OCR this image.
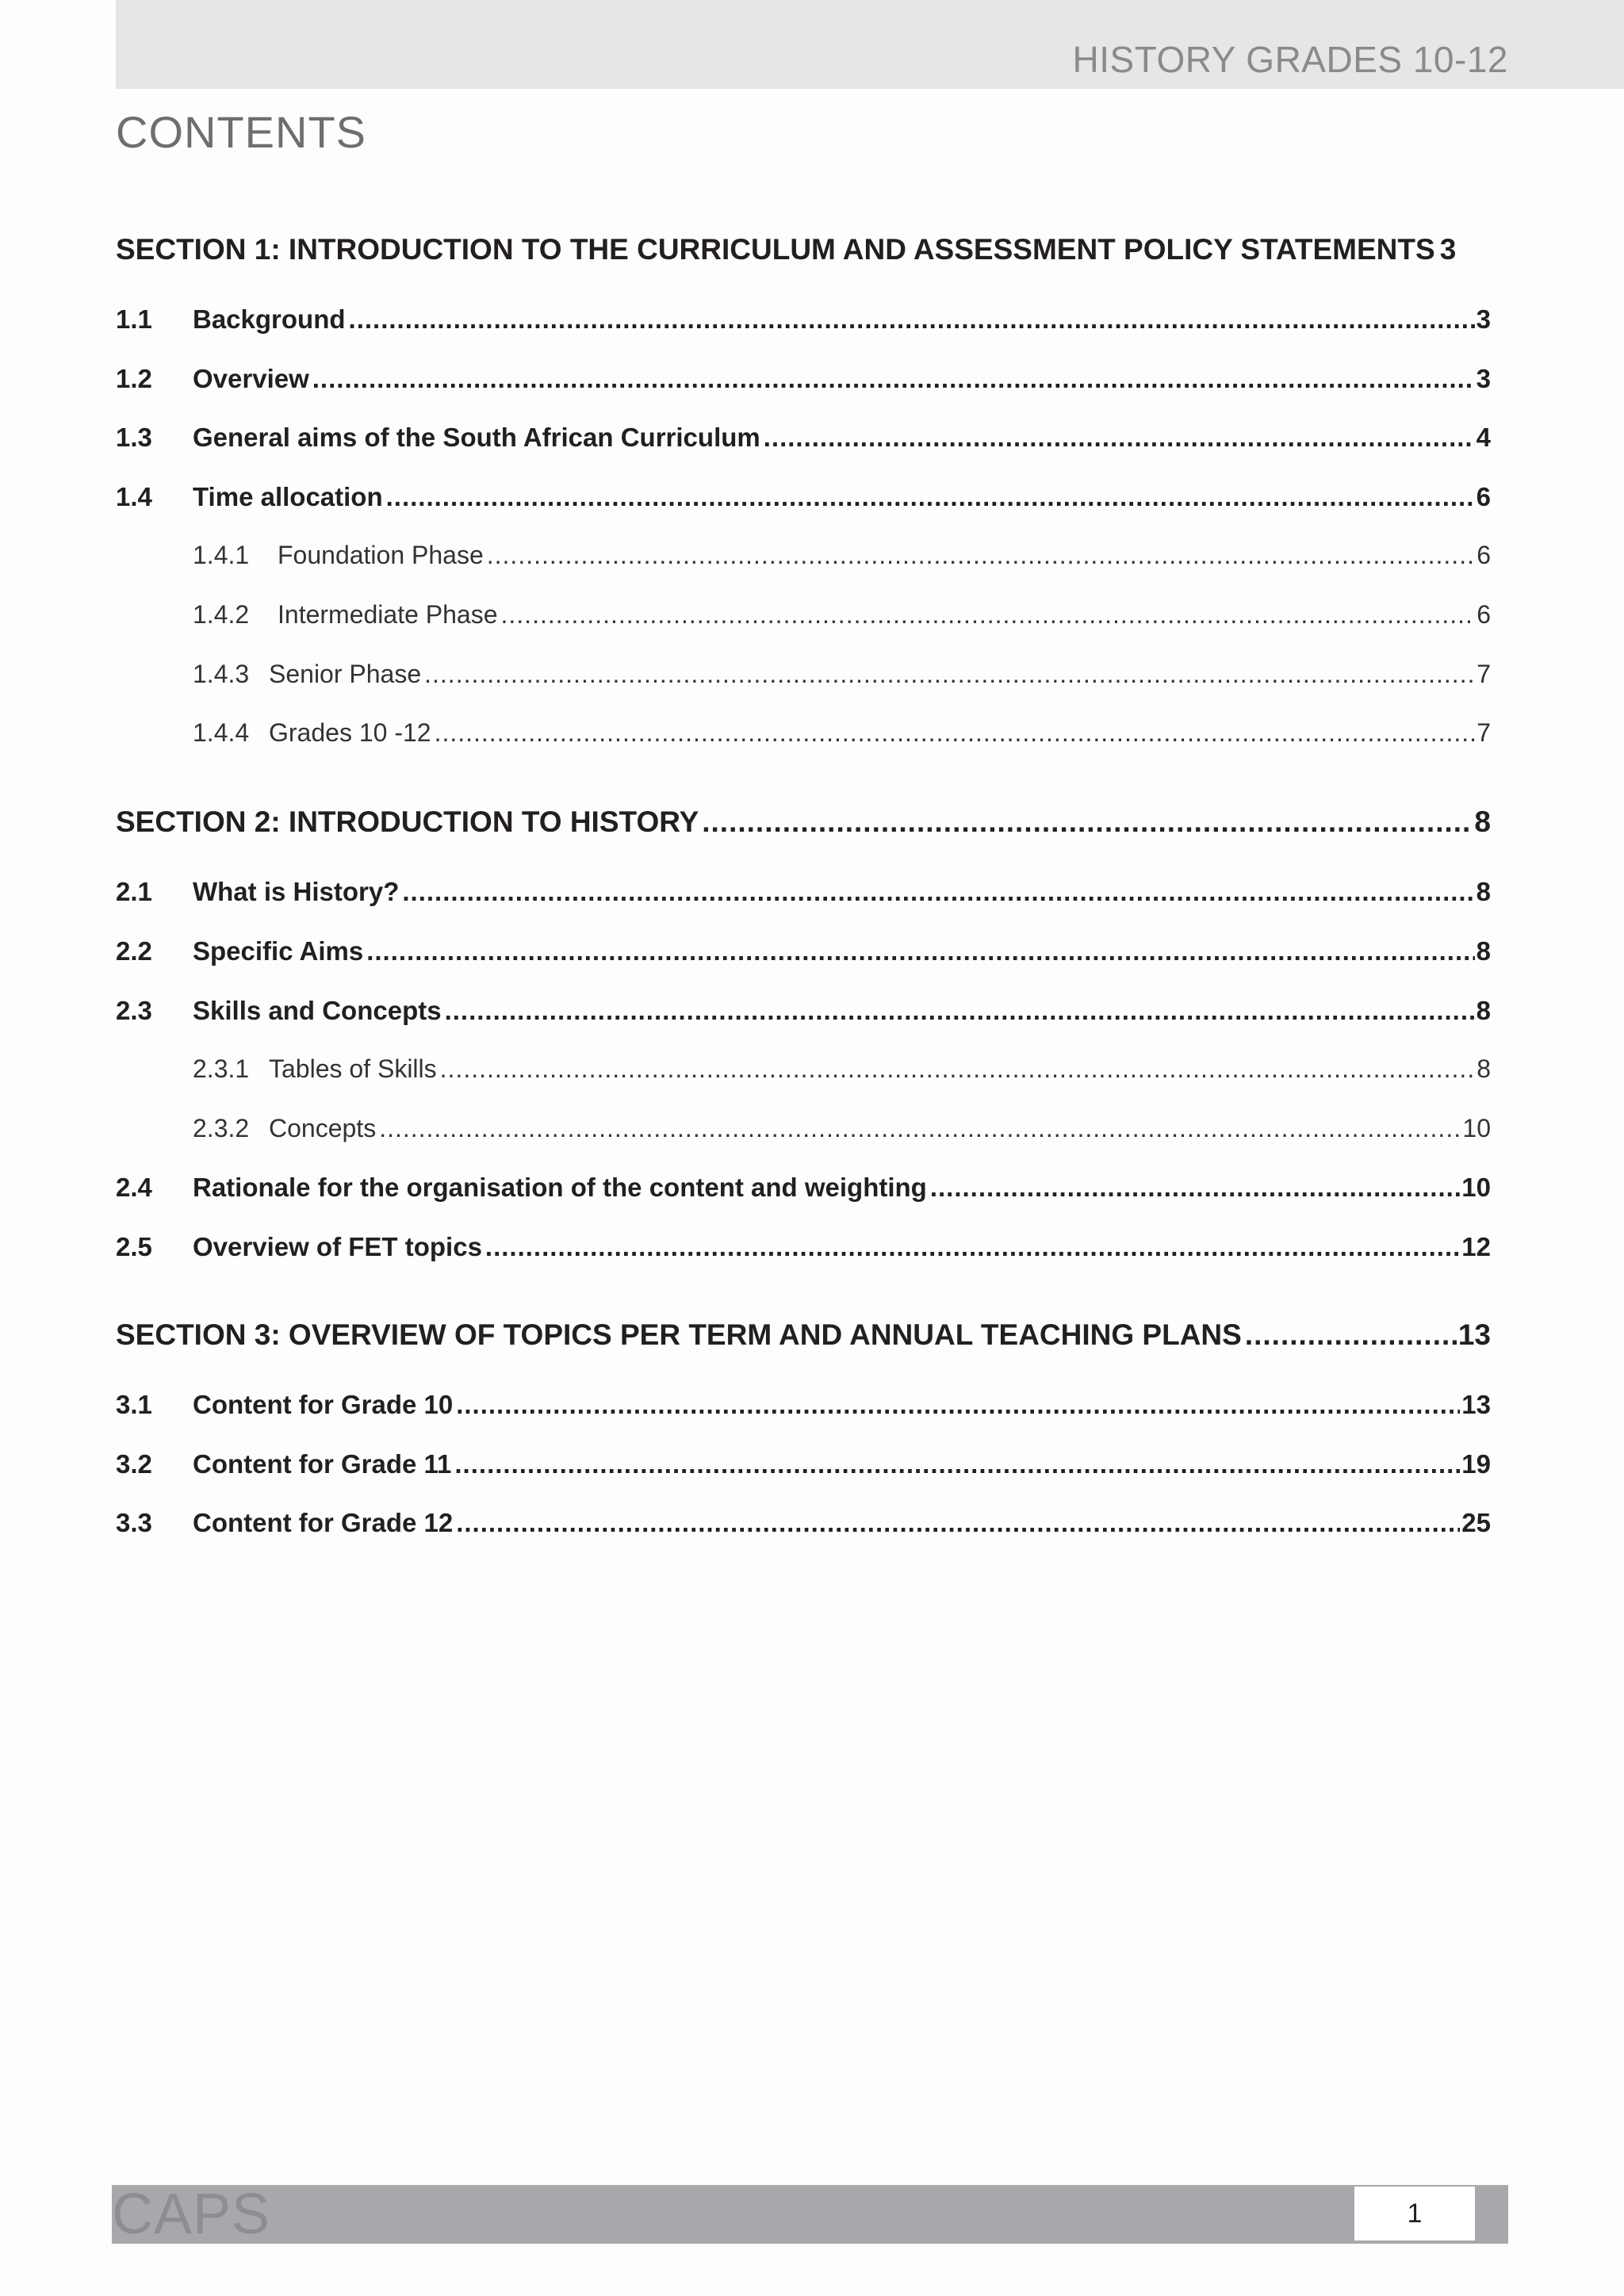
HISTORY GRADES 10-12
CONTENTS
SECTION 1: INTRODUCTION TO THE CURRICULUM AND ASSESSMENT POLICY STATEMENTS 3
1.1	Background .....	3
1.2	Overview .....	3
1.3	General aims of the South African Curriculum .....	4
1.4	Time allocation .....	6
1.4.1	Foundation Phase .....	6
1.4.2	Intermediate Phase .....	6
1.4.3 Senior Phase .....	7
1.4.4 Grades 10 -12 .....	7
SECTION 2: INTRODUCTION TO HISTORY .....	8
2.1	What is History? .....	8
2.2	Specific Aims .....	8
2.3	Skills and Concepts .....	8
2.3.1 Tables of Skills .....	8
2.3.2 Concepts .....	10
2.4	Rationale for the organisation of the content and weighting .....	10
2.5	Overview of FET topics .....	12
SECTION 3: OVERVIEW OF TOPICS PER TERM AND ANNUAL TEACHING PLANS .....	13
3.1	Content for Grade 10 .....	13
3.2	Content for Grade 11 .....	19
3.3	Content for Grade 12 .....	25
CAPS	1
